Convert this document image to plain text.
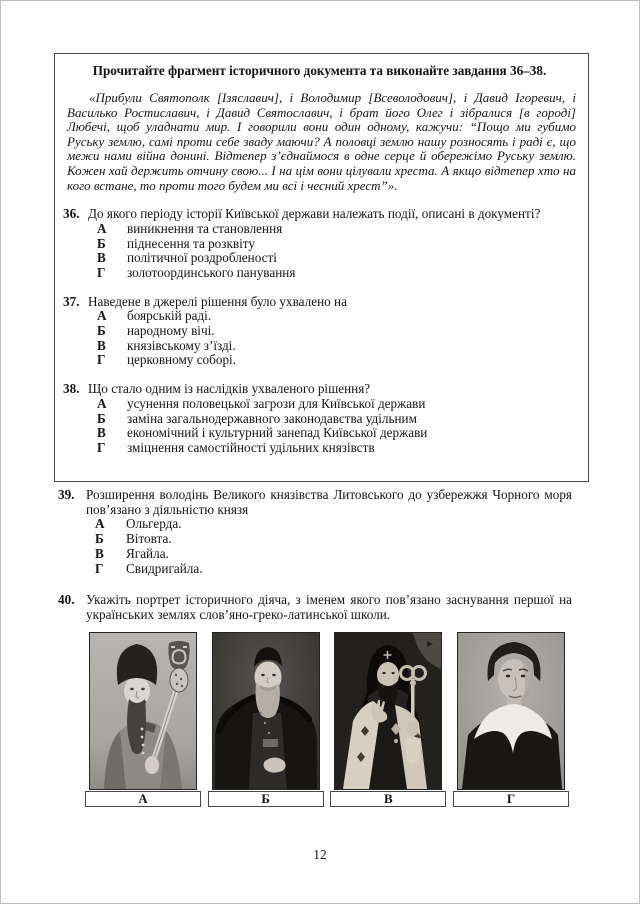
Прочитайте фрагмент історичного документа та виконайте завдання 36–38.

«Прибули Святополк [Ізяславич], і Володимир [Всеволодович], і Давид Ігоревич, і Василько Ростиславич, і Давид Святославич, і брат його Олег і зібралися [в городі] Любечі, щоб уладнати мир. І говорили вони один одному, кажучи: “Пощо ми губимо Руську землю, самі проти себе зваду маючи? А половці землю нашу розносять і раді є, що межи нами війна донині. Відтепер з’єднаймося в одне серце й обережімо Руську землю. Кожен хай держить отчину свою... І на цім вони цілували хреста. А якщо відтепер хто на кого встане, то проти того будем ми всі і чесний хрест”».

36. До якого періоду історії Київської держави належать події, описані в документі?
А	виникнення та становлення
Б	піднесення та розквіту
В	політичної роздробленості
Г	золотоординського панування
37. Наведене в джерелі рішення було ухвалено на
А	боярській раді.
Б	народному вічі.
В	князівському з’їзді.
Г	церковному соборі.
38. Що стало одним із наслідків ухваленого рішення?
А	усунення половецької загрози для Київської держави
Б	заміна загальнодержавного законодавства удільним
В	економічний і культурний занепад Київської держави
Г	зміцнення самостійності удільних князівств
39. Розширення володінь Великого князівства Литовського до узбережжя Чорного моря пов’язано з діяльністю князя
А	Ольгерда.
Б	Вітовта.
В	Ягайла.
Г	Свидригайла.
40. Укажіть портрет історичного діяча, з іменем якого пов’язано заснування першої на українських землях слов’яно-греко-латинської школи.
А	Б	В	Г
12
